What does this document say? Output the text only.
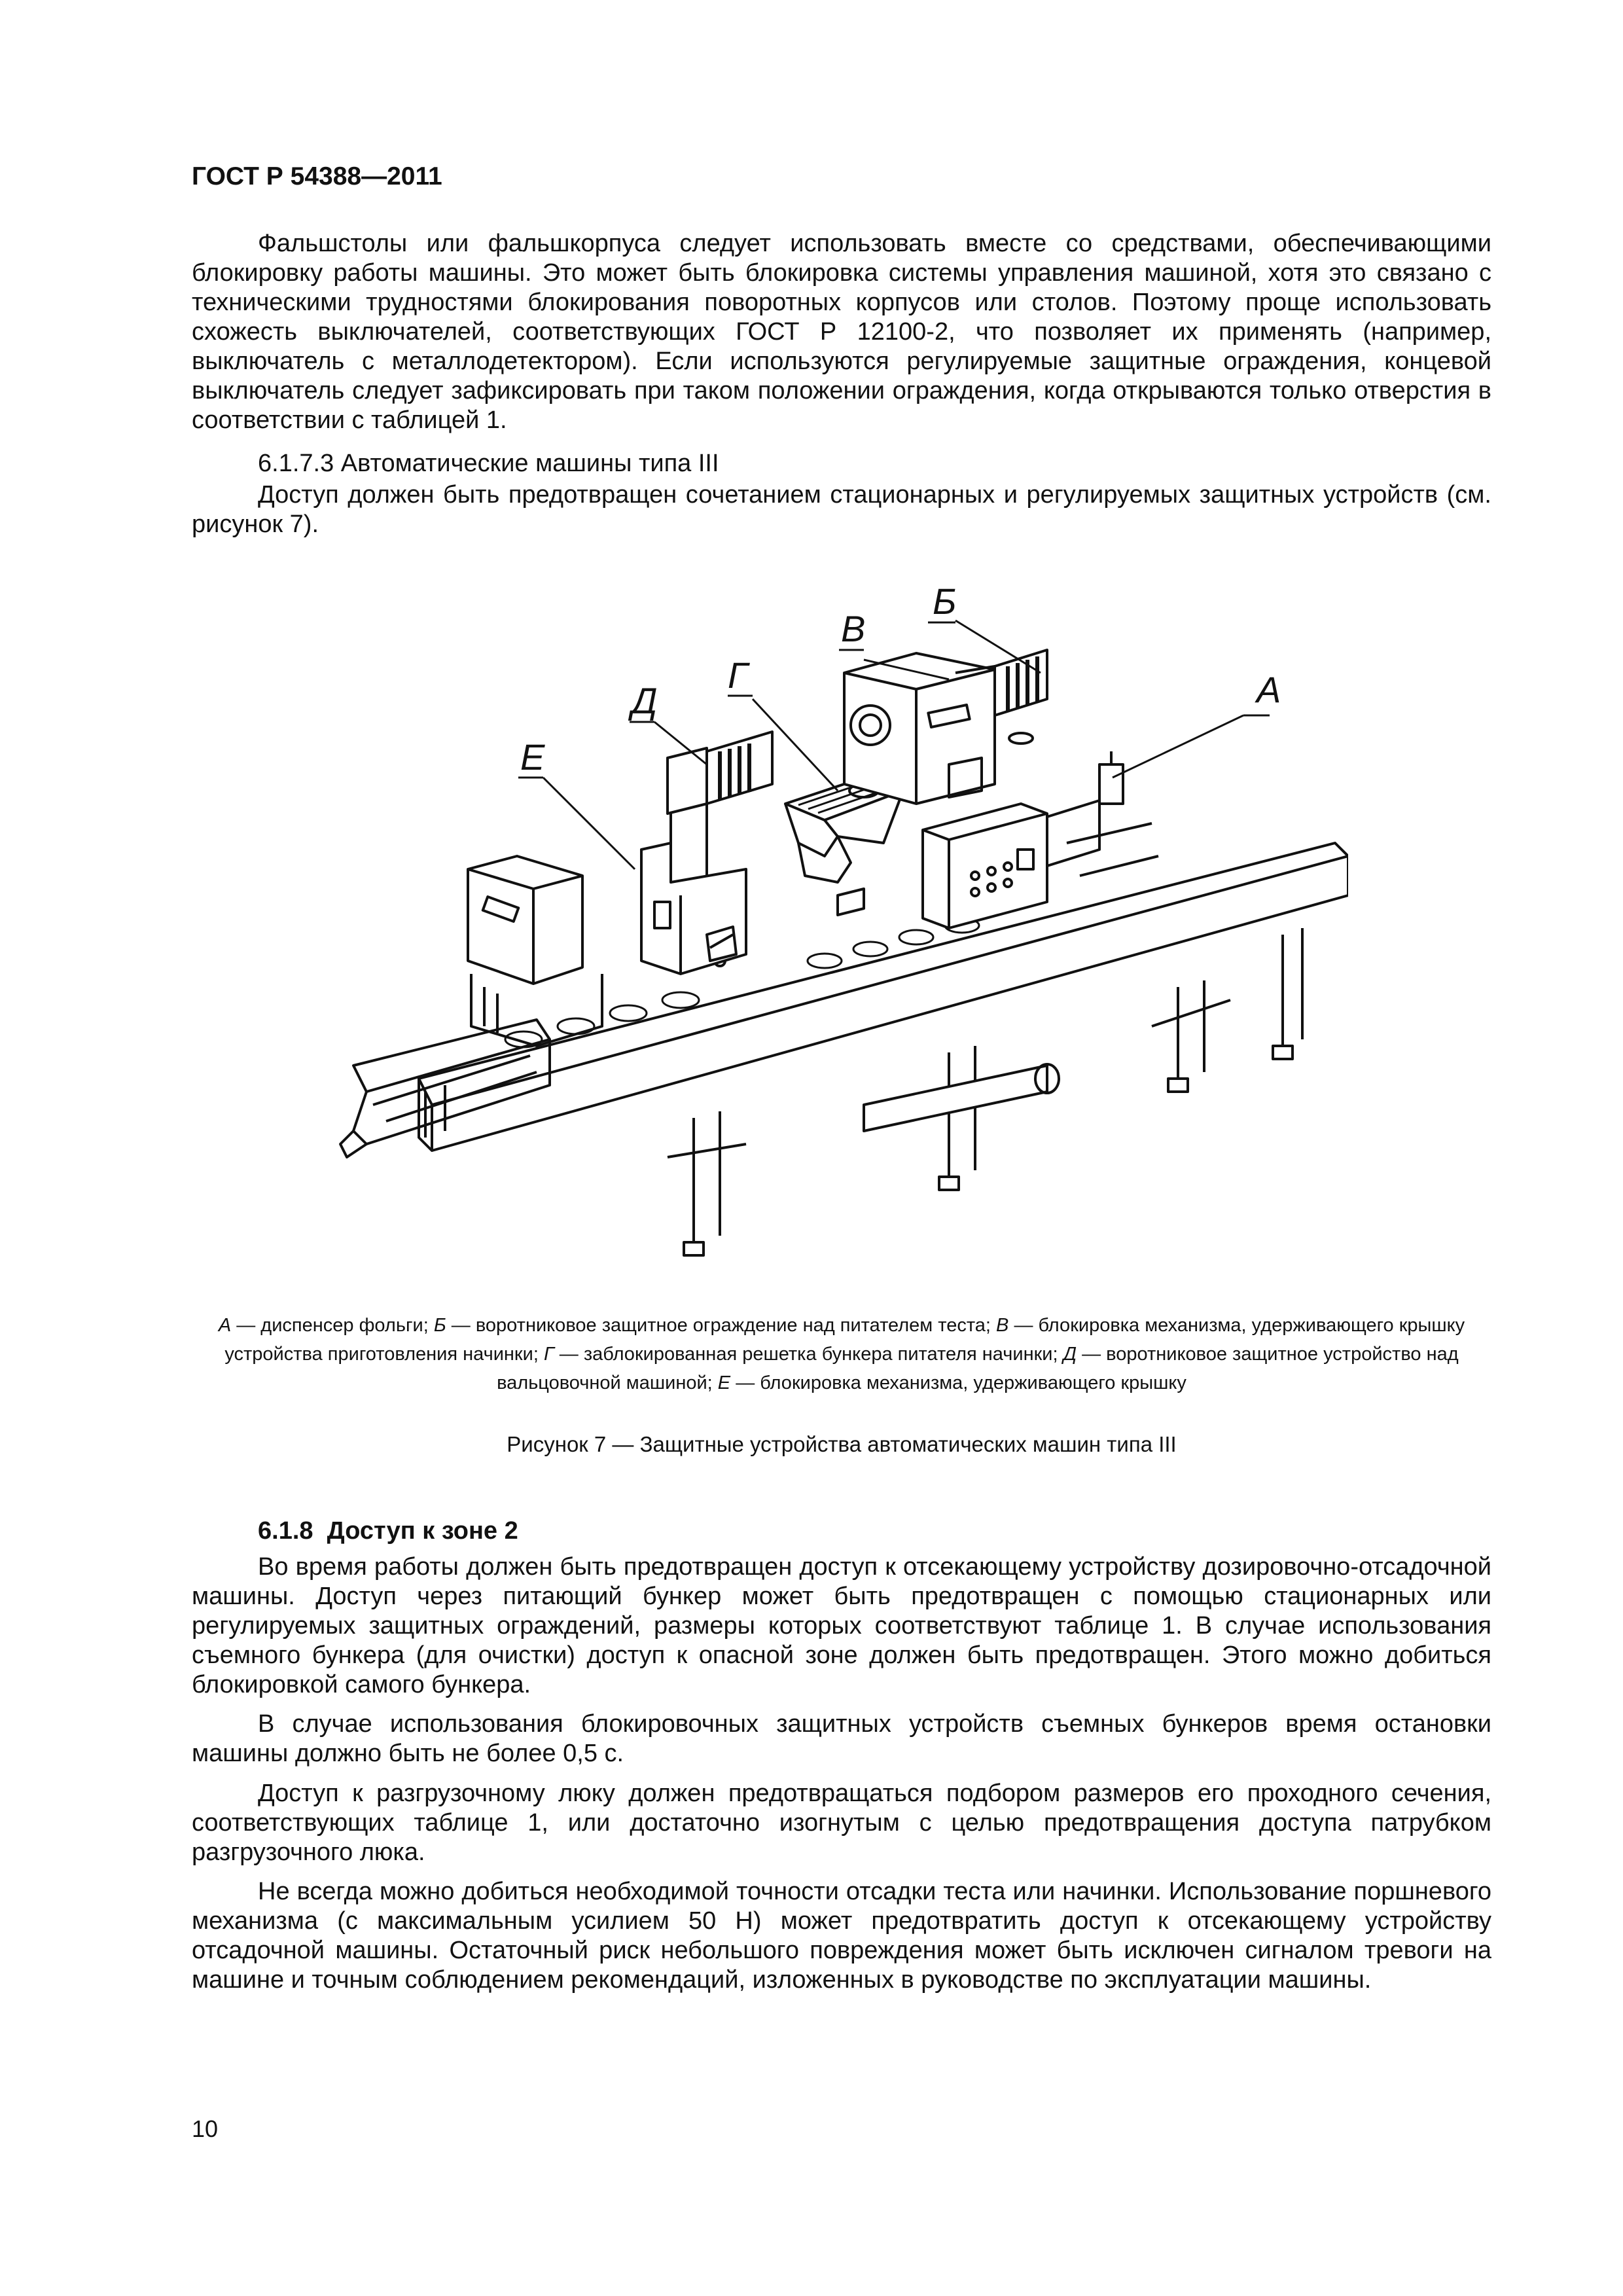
ГОСТ Р 54388—2011

Фальшстолы или фальшкорпуса следует использовать вместе со средствами, обеспечивающими блокировку работы машины. Это может быть блокировка системы управления машиной, хотя это связано с техническими трудностями блокирования поворотных корпусов или столов. Поэтому проще использовать схожесть выключателей, соответствующих ГОСТ Р 12100-2, что позволяет их применять (например, выключатель с металлодетектором). Если используются регулируемые защитные ограждения, концевой выключатель следует зафиксировать при таком положении ограждения, когда открываются только отверстия в соответствии с таблицей 1.

6.1.7.3 Автоматические машины типа III

Доступ должен быть предотвращен сочетанием стационарных и регулируемых защитных устройств (см. рисунок 7).

А
Б
В
Г
Д
Е

А — диспенсер фольги; Б — воротниковое защитное ограждение над питателем теста; В — блокировка механизма, удерживающего крышку устройства приготовления начинки; Г — заблокированная решетка бункера питателя начинки; Д — воротниковое защитное устройство над вальцовочной машиной; Е — блокировка механизма, удерживающего крышку

Рисунок 7 — Защитные устройства автоматических машин типа III

6.1.8 Доступ к зоне 2

Во время работы должен быть предотвращен доступ к отсекающему устройству дозировочно-отсадочной машины. Доступ через питающий бункер может быть предотвращен с помощью стационарных или регулируемых защитных ограждений, размеры которых соответствуют таблице 1. В случае использования съемного бункера (для очистки) доступ к опасной зоне должен быть предотвращен. Этого можно добиться блокировкой самого бункера.

В случае использования блокировочных защитных устройств съемных бункеров время остановки машины должно быть не более 0,5 с.

Доступ к разгрузочному люку должен предотвращаться подбором размеров его проходного сечения, соответствующих таблице 1, или достаточно изогнутым с целью предотвращения доступа патрубком разгрузочного люка.

Не всегда можно добиться необходимой точности отсадки теста или начинки. Использование поршневого механизма (с максимальным усилием 50 Н) может предотвратить доступ к отсекающему устройству отсадочной машины. Остаточный риск небольшого повреждения может быть исключен сигналом тревоги на машине и точным соблюдением рекомендаций, изложенных в руководстве по эксплуатации машины.

10
